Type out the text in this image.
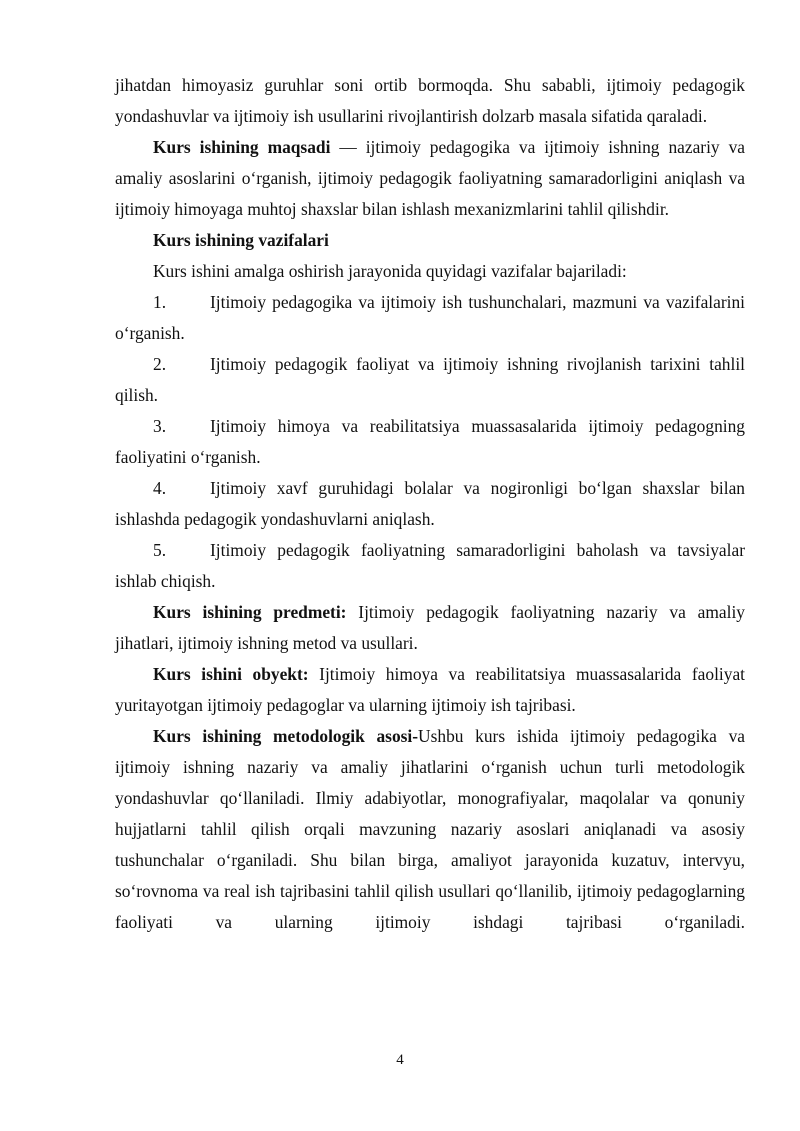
jihatdan himoyasiz guruhlar soni ortib bormoqda. Shu sababli, ijtimoiy pedagogik yondashuvlar va ijtimoiy ish usullarini rivojlantirish dolzarb masala sifatida qaraladi.

Kurs ishining maqsadi — ijtimoiy pedagogika va ijtimoiy ishning nazariy va amaliy asoslarini o‘rganish, ijtimoiy pedagogik faoliyatning samaradorligini aniqlash va ijtimoiy himoyaga muhtoj shaxslar bilan ishlash mexanizmlarini tahlil qilishdir.

Kurs ishining vazifalari

Kurs ishini amalga oshirish jarayonida quyidagi vazifalar bajariladi:

1.	Ijtimoiy pedagogika va ijtimoiy ish tushunchalari, mazmuni va vazifalarini o‘rganish.

2.	Ijtimoiy pedagogik faoliyat va ijtimoiy ishning rivojlanish tarixini tahlil qilish.

3.	Ijtimoiy himoya va reabilitatsiya muassasalarida ijtimoiy pedagogning faoliyatini o‘rganish.

4.	Ijtimoiy xavf guruhidagi bolalar va nogironligi bo‘lgan shaxslar bilan ishlashda pedagogik yondashuvlarni aniqlash.

5.	Ijtimoiy pedagogik faoliyatning samaradorligini baholash va tavsiyalar ishlab chiqish.

Kurs ishining predmeti: Ijtimoiy pedagogik faoliyatning nazariy va amaliy jihatlari, ijtimoiy ishning metod va usullari.

Kurs ishini obyekt: Ijtimoiy himoya va reabilitatsiya muassasalarida faoliyat yuritayotgan ijtimoiy pedagoglar va ularning ijtimoiy ish tajribasi.

Kurs ishining metodologik asosi-Ushbu kurs ishida ijtimoiy pedagogika va ijtimoiy ishning nazariy va amaliy jihatlarini o‘rganish uchun turli metodologik yondashuvlar qo‘llaniladi. Ilmiy adabiyotlar, monografiyalar, maqolalar va qonuniy hujjatlarni tahlil qilish orqali mavzuning nazariy asoslari aniqlanadi va asosiy tushunchalar o‘rganiladi. Shu bilan birga, amaliyot jarayonida kuzatuv, intervyu, so‘rovnoma va real ish tajribasini tahlil qilish usullari qo‘llanilib, ijtimoiy pedagoglarning faoliyati va ularning ijtimoiy ishdagi tajribasi o‘rganiladi.

4
